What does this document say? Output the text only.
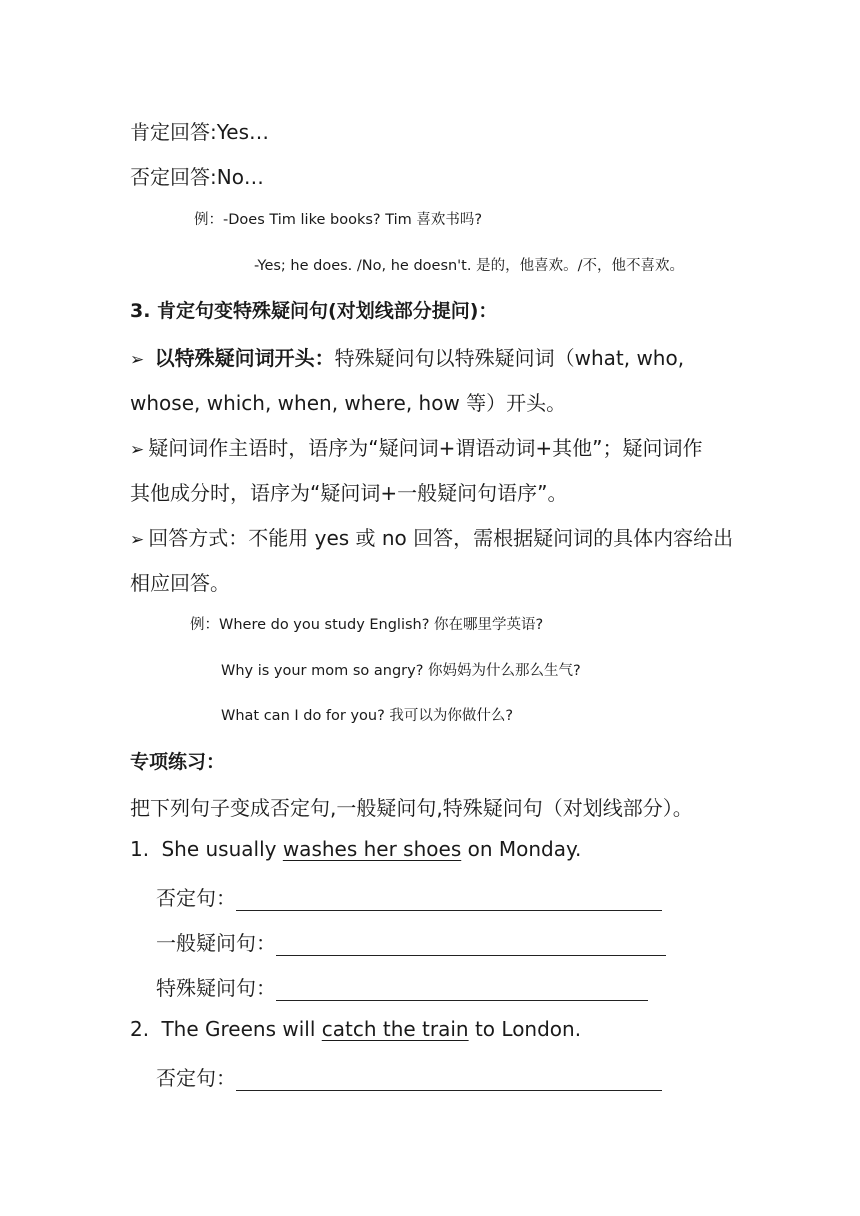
肯定回答:Yes…
否定回答:No…
例：-Does Tim like books? Tim 喜欢书吗?
-Yes; he does. /No, he doesn't. 是的，他喜欢。/不，他不喜欢。
3. 肯定句变特殊疑问句(对划线部分提问)：
➢ 以特殊疑问词开头：特殊疑问句以特殊疑问词（what, who,
whose, which, when, where, how 等）开头。
➢ 疑问词作主语时，语序为“疑问词+谓语动词+其他”；疑问词作
其他成分时，语序为“疑问词+一般疑问句语序”。
➢ 回答方式：不能用 yes 或 no 回答，需根据疑问词的具体内容给出
相应回答。
例：Where do you study English? 你在哪里学英语?
Why is your mom so angry? 你妈妈为什么那么生气?
What can I do for you? 我可以为你做什么?
专项练习：
把下列句子变成否定句,一般疑问句,特殊疑问句（对划线部分）。
1. She usually washes her shoes on Monday.
否定句：
一般疑问句：
特殊疑问句：
2. The Greens will catch the train to London.
否定句：
